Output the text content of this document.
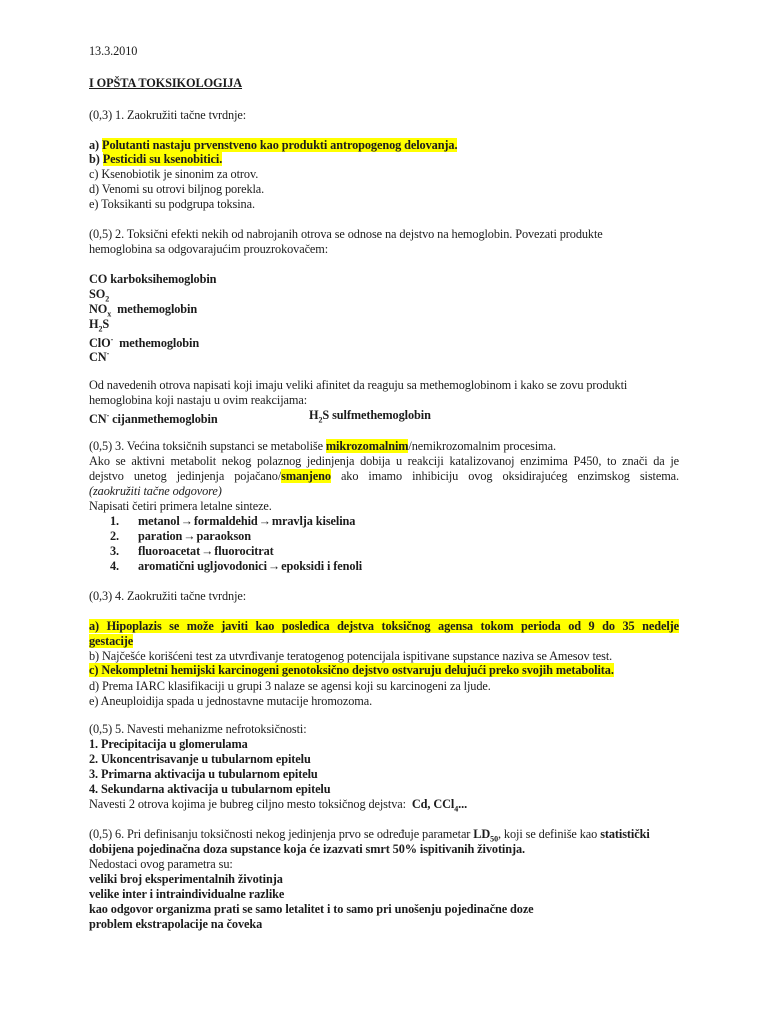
13.3.2010
I OPŠTA TOKSIKOLOGIJA
(0,3) 1. Zaokružiti tačne tvrdnje:
a) Polutanti nastaju prvenstveno kao produkti antropogenog delovanja.
b) Pesticidi su ksenobitici.
c) Ksenobiotik je sinonim za otrov.
d) Venomi su otrovi biljnog porekla.
e) Toksikanti su podgrupa toksina.
(0,5) 2. Toksični efekti nekih od nabrojanih otrova se odnose na dejstvo na hemoglobin. Povezati produkte
hemoglobina sa odgovarajućim prouzrokovačem:
CO karboksihemoglobin
$SO_2$
$NO_x$  methemoglobin
$H_2S$
ClO-  methemoglobin
CN-
Od navedenih otrova napisati koji imaju veliki afinitet da reaguju sa methemoglobinom i kako se zovu produkti
hemoglobina koji nastaju u ovim reakcijama:
CN- cijanmethemoglobin	$H_2S$ sulfmethemoglobin
(0,5) 3. Većina toksičnih supstanci se metaboliše mikrozomalnim/nemikrozomalnim procesima.
Ako se aktivni metabolit nekog polaznog jedinjenja dobija u reakciji katalizovanoj enzimima P450, to znači da je
dejstvo unetog jedinjenja pojačano/smanjeno ako imamo inhibiciju ovog oksidirajućeg enzimskog sistema.
(zaokružiti tačne odgovore)
Napisati četiri primera letalne sinteze.
1. metanol→formaldehid→mravlja kiselina
2. paration→paraokson
3. fluoroacetat→fluorocitrat
4. aromatični ugljovodonici→epoksidi i fenoli
(0,3) 4. Zaokružiti tačne tvrdnje:
a) Hipoplazis se može javiti kao posledica dejstva toksičnog agensa tokom perioda od 9 do 35 nedelje
gestacije
b) Najčešće korišćeni test za utvrđivanje teratogenog potencijala ispitivane supstance naziva se Amesov test.
c) Nekompletni hemijski karcinogeni genotoksično dejstvo ostvaruju delujući preko svojih metabolita.
d) Prema IARC klasifikaciji u grupi 3 nalaze se agensi koji su karcinogeni za ljude.
e) Aneuploidija spada u jednostavne mutacije hromozoma.
(0,5) 5. Navesti mehanizme nefrotoksičnosti:
1. Precipitacija u glomerulama
2. Ukoncentrisavanje u tubularnom epitelu
3. Primarna aktivacija u tubularnom epitelu
4. Sekundarna aktivacija u tubularnom epitelu
Navesti 2 otrova kojima je bubreg ciljno mesto toksičnog dejstva:  Cd, CCl$_4$...
(0,5) 6. Pri definisanju toksičnosti nekog jedinjenja prvo se određuje parametar $LD_{50}$, koji se definiše kao statistički
dobijena pojedinačna doza supstance koja će izazvati smrt 50% ispitivanih životinja.
Nedostaci ovog parametra su:
veliki broj eksperimentalnih životinja
velike inter i intraindividualne razlike
kao odgovor organizma prati se samo letalitet i to samo pri unošenju pojedinačne doze
problem ekstrapolacije na čoveka
